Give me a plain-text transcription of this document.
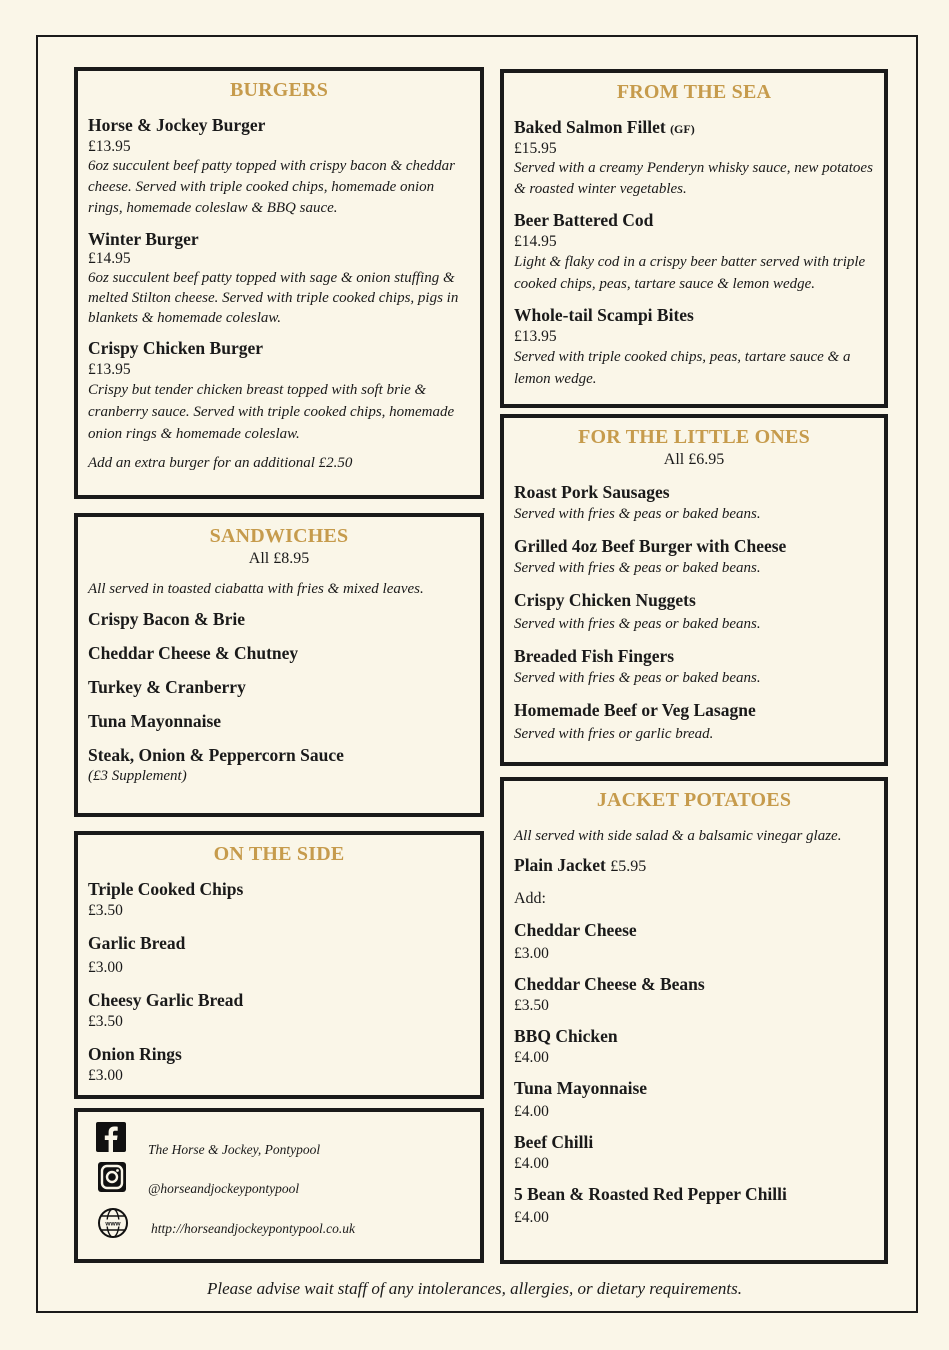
BURGERS
Horse & Jockey Burger
£13.95
6oz succulent beef patty topped with crispy bacon & cheddar cheese. Served with triple cooked chips, homemade onion rings, homemade coleslaw & BBQ sauce.
Winter Burger
£14.95
6oz succulent beef patty topped with sage & onion stuffing & melted Stilton cheese. Served with triple cooked chips, pigs in blankets & homemade coleslaw.
Crispy Chicken Burger
£13.95
Crispy but tender chicken breast topped with soft brie & cranberry sauce. Served with triple cooked chips, homemade onion rings & homemade coleslaw.
Add an extra burger for an additional £2.50
SANDWICHES
All £8.95
All served in toasted ciabatta with fries & mixed leaves.
Crispy Bacon & Brie
Cheddar Cheese & Chutney
Turkey & Cranberry
Tuna Mayonnaise
Steak, Onion & Peppercorn Sauce
(£3 Supplement)
ON THE SIDE
Triple Cooked Chips
£3.50
Garlic Bread
£3.00
Cheesy Garlic Bread
£3.50
Onion Rings
£3.00
The Horse & Jockey, Pontypool
@horseandjockeypontypool
www http://horseandjockeypontypool.co.uk
FROM THE SEA
Baked Salmon Fillet (GF)
£15.95
Served with a creamy Penderyn whisky sauce, new potatoes & roasted winter vegetables.
Beer Battered Cod
£14.95
Light & flaky cod in a crispy beer batter served with triple cooked chips, peas, tartare sauce & lemon wedge.
Whole-tail Scampi Bites
£13.95
Served with triple cooked chips, peas, tartare sauce & a lemon wedge.
FOR THE LITTLE ONES
All £6.95
Roast Pork Sausages
Served with fries & peas or baked beans.
Grilled 4oz Beef Burger with Cheese
Served with fries & peas or baked beans.
Crispy Chicken Nuggets
Served with fries & peas or baked beans.
Breaded Fish Fingers
Served with fries & peas or baked beans.
Homemade Beef or Veg Lasagne
Served with fries or garlic bread.
JACKET POTATOES
All served with side salad & a balsamic vinegar glaze.
Plain Jacket £5.95
Add:
Cheddar Cheese
£3.00
Cheddar Cheese & Beans
£3.50
BBQ Chicken
£4.00
Tuna Mayonnaise
£4.00
Beef Chilli
£4.00
5 Bean & Roasted Red Pepper Chilli
£4.00
Please advise wait staff of any intolerances, allergies, or dietary requirements.
